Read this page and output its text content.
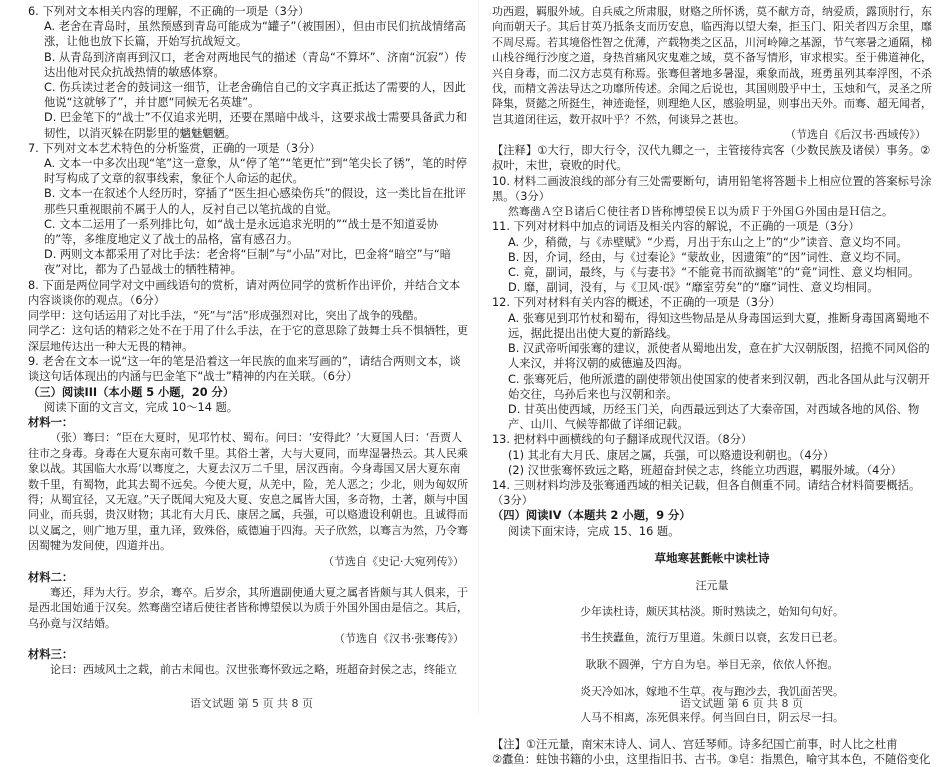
6. 下列对文本相关内容的理解，不正确的一项是（3分）

A. 老舍在青岛时，虽然预感到青岛可能成为“罐子”（被围困），但由市民们抗战情绪高涨，让他也放下长篇，开始写抗战短文。

B. 从青岛到济南再到汉口，老舍对两地民气的描述（青岛“不算坏”、济南“沉寂”）传达出他对民众抗战热情的敏感体察。

C. 伤兵读过老舍的鼓词这一细节，让老舍确信自己的文字真正抵达了需要的人，因此他说“这就够了”，并甘愿“同候无名英雄”。

D. 巴金笔下的“战士”不仅追求光明，还要在黑暗中战斗，这要求战士需要具备武力和韧性，以消灭躲在阴影里的魑魅魍魉。

7. 下列对文本艺术特色的分析鉴赏，正确的一项是（3分）

A. 文本一中多次出现“笔”这一意象，从“停了笔”“笔更忙”到“笔尖长了锈”，笔的时停时写构成了文章的叙事线索，象征个人命运的起伏。

B. 文本一在叙述个人经历时，穿插了“医生担心感染伤兵”的假设，这一类比旨在批评那些只重视眼前不属于人的人，反衬自己以笔抗战的自觉。

C. 文本二运用了一系列排比句，如“战士是永远追求光明的”“战士是不知道妥协的”等，多维度地定义了战士的品格，富有感召力。

D. 两则文本都采用了对比手法：老舍将“巨制”与“小品”对比，巴金将“暗空”与“暗夜”对比，都为了凸显战士的牺牲精神。

8. 下面是两位同学对文中画线语句的赏析，请对两位同学的赏析作出评价，并结合文本内容谈谈你的观点。（6分）

同学甲：这句话运用了对比手法，“死”与“活”形成强烈对比，突出了战争的残酷。

同学乙：这句话的精彩之处不在于用了什么手法，在于它的意思除了鼓舞士兵不惧牺牲，更深层地传达出一种大无畏的精神。

9. 老舍在文本一说“这一年的笔是沿着这一年民族的血来写画的”，请结合两则文本，谈谈这句话体现出的内涵与巴金笔下“战士”精神的内在关联。（6分）

（三）阅读III（本小题 5 小题，20 分）

阅读下面的文言文，完成 10～14 题。

材料一：

（张）骞曰：“臣在大夏时，见邛竹杖、蜀布。问曰：‘安得此？’大夏国人曰：‘吾贾人往市之身毒。身毒在大夏东南可数千里。其俗土著，大与大夏同，而卑湿暑热云。其人民乘象以战。其国临大水焉’以骞度之，大夏去汉万二千里，居汉西南。今身毒国又居大夏东南数千里，有蜀物，此其去蜀不远矣。今使大夏，从羌中，险，羌人恶之；少北，则为匈奴所得；从蜀宜径，又无寇。”天子既闻大宛及大夏、安息之属皆大国，多奇物，土著，颇与中国同业，而兵弱，贵汉财物；其北有大月氏、康居之属，兵强，可以赂遗设利朝也。且诚得而以义属之，则广地万里，重九译，致殊俗，威德遍于四海。天子欣然，以骞言为然，乃令骞因蜀犍为发间使，四道并出。

（节选自《史记·大宛列传》）

材料二：

骞还，拜为大行。岁余，骞卒。后岁余，其所遣副使通大夏之属者皆颇与其人俱来，于是西北国始通于汉矣。然骞凿空诸后使往者皆称博望侯以为质于外国外国由是信之。其后，乌孙竟与汉结婚。

（节选自《汉书·张骞传》）

材料三：

论曰：西域风土之载，前古未闻也。汉世张骞怀致远之略，班超奋封侯之志，终能立

语文试题 第 5 页 共 8 页

功西遐，羁服外域。自兵威之所肃服，财赂之所怀诱，莫不献方奇，纳爱质，露顶肘行，东向而朝天子。其后甘英乃抵条支而历安息，临西海以望大秦，拒玉门、阳关者四万余里，靡不周尽焉。若其境俗性智之优薄，产载物类之区品，川河岭障之基源，节气寒暑之通隔，梯山栈谷绳行沙度之道，身热首痛风灾鬼难之域，莫不备写情形，审求根实。至于佛道神化，兴自身毒，而二汉方志莫有称焉。张骞但著地多暑湿，乘象而战，班勇虽列其奉浮图，不杀伐，而精文善法导达之功靡所传述。余闻之后说也，其国则殷乎中土，玉烛和气，灵圣之所降集，贤懿之所挺生，神迹诡怪，则理绝人区，感验明显，则事出天外。而骞、超无闻者，岂其道闭往运，数开叔叶乎？不然，何谈异之甚也。

（节选自《后汉书·西域传》）

【注释】①大行，即大行令，汉代九卿之一，主管接待宾客（少数民族及诸侯）事务。②叔叶，末世，衰败的时代。

10. 材料二画波浪线的部分有三处需要断句，请用铅笔将答题卡上相应位置的答案标号涂黑。（3分）

然骞凿Ａ空Ｂ诸后Ｃ使往者Ｄ皆称博望侯Ｅ以为质Ｆ于外国Ｇ外国由是Ｈ信之。

11. 下列对材料中加点的词语及相关内容的解说，不正确的一项是（3分）

A. 少，稍微，与《赤壁赋》“少焉，月出于东山之上”的“少”读音、意义均不同。

B. 因，介词，经由，与《过秦论》“蒙故业，因遗策”的“因”词性、意义均不同。

C. 竟，副词，最终，与《与妻书》“不能竟书而欲搁笔”的“竟”词性、意义均相同。

D. 靡，副词，没有，与《卫风·氓》“靡室劳矣”的“靡”词性、意义均相同。

12. 下列对材料有关内容的概述，不正确的一项是（3分）

A. 张骞见到邛竹杖和蜀布，得知这些物品是从身毒国运到大夏，推断身毒国离蜀地不远，据此提出出使大夏的新路线。

B. 汉武帝听闻张骞的建议，派使者从蜀地出发，意在扩大汉朝版图，招揽不同风俗的人来汉，并将汉朝的威德遍及四海。

C. 张骞死后，他所派遣的副使带领出使国家的使者来到汉朝，西北各国从此与汉朝开始交往，乌孙后来也与汉朝和亲。

D. 甘英出使西域，历经玉门关，向西最远到达了大秦帝国，对西域各地的风俗、物产、山川、气候等都做了详细记载。

13. 把材料中画横线的句子翻译成现代汉语。（8分）

(1) 其北有大月氏、康居之属，兵强，可以赂遗设利朝也。（4分）

(2) 汉世张骞怀致远之略，班超奋封侯之志，终能立功西遐，羁服外域。（4分）

14. 三则材料均涉及张骞通西域的相关记载，但各自侧重不同。请结合材料简要概括。（3分）

（四）阅读IV（本题共 2 小题，9 分）

阅读下面宋诗，完成 15、16 题。

草地寒甚氈帐中读杜诗

汪元量

少年读杜诗，颇厌其枯淡。斯时熟读之，始知句句好。

书生挟蠹鱼，流行万里道。朱颜日以衰，玄发日已老。

耿耿不圆弹，宁方自为皂。举目无亲，依依人怀抱。

炎天冷如冰，嫁地不生草。夜与跑沙去，我饥面苦哭。

人马不相离，冻死俱来俘。何当回白日，阴云尽一扫。

【注】①汪元量，南宋末诗人、词人、宫廷琴师。诗多纪国亡前事，时人比之杜甫

②蠹鱼：蛀蚀书籍的小虫，这里指旧书、古书。③皂：指黑色，喻守其本色，不随俗变化

语文试题 第 6 页 共 8 页
